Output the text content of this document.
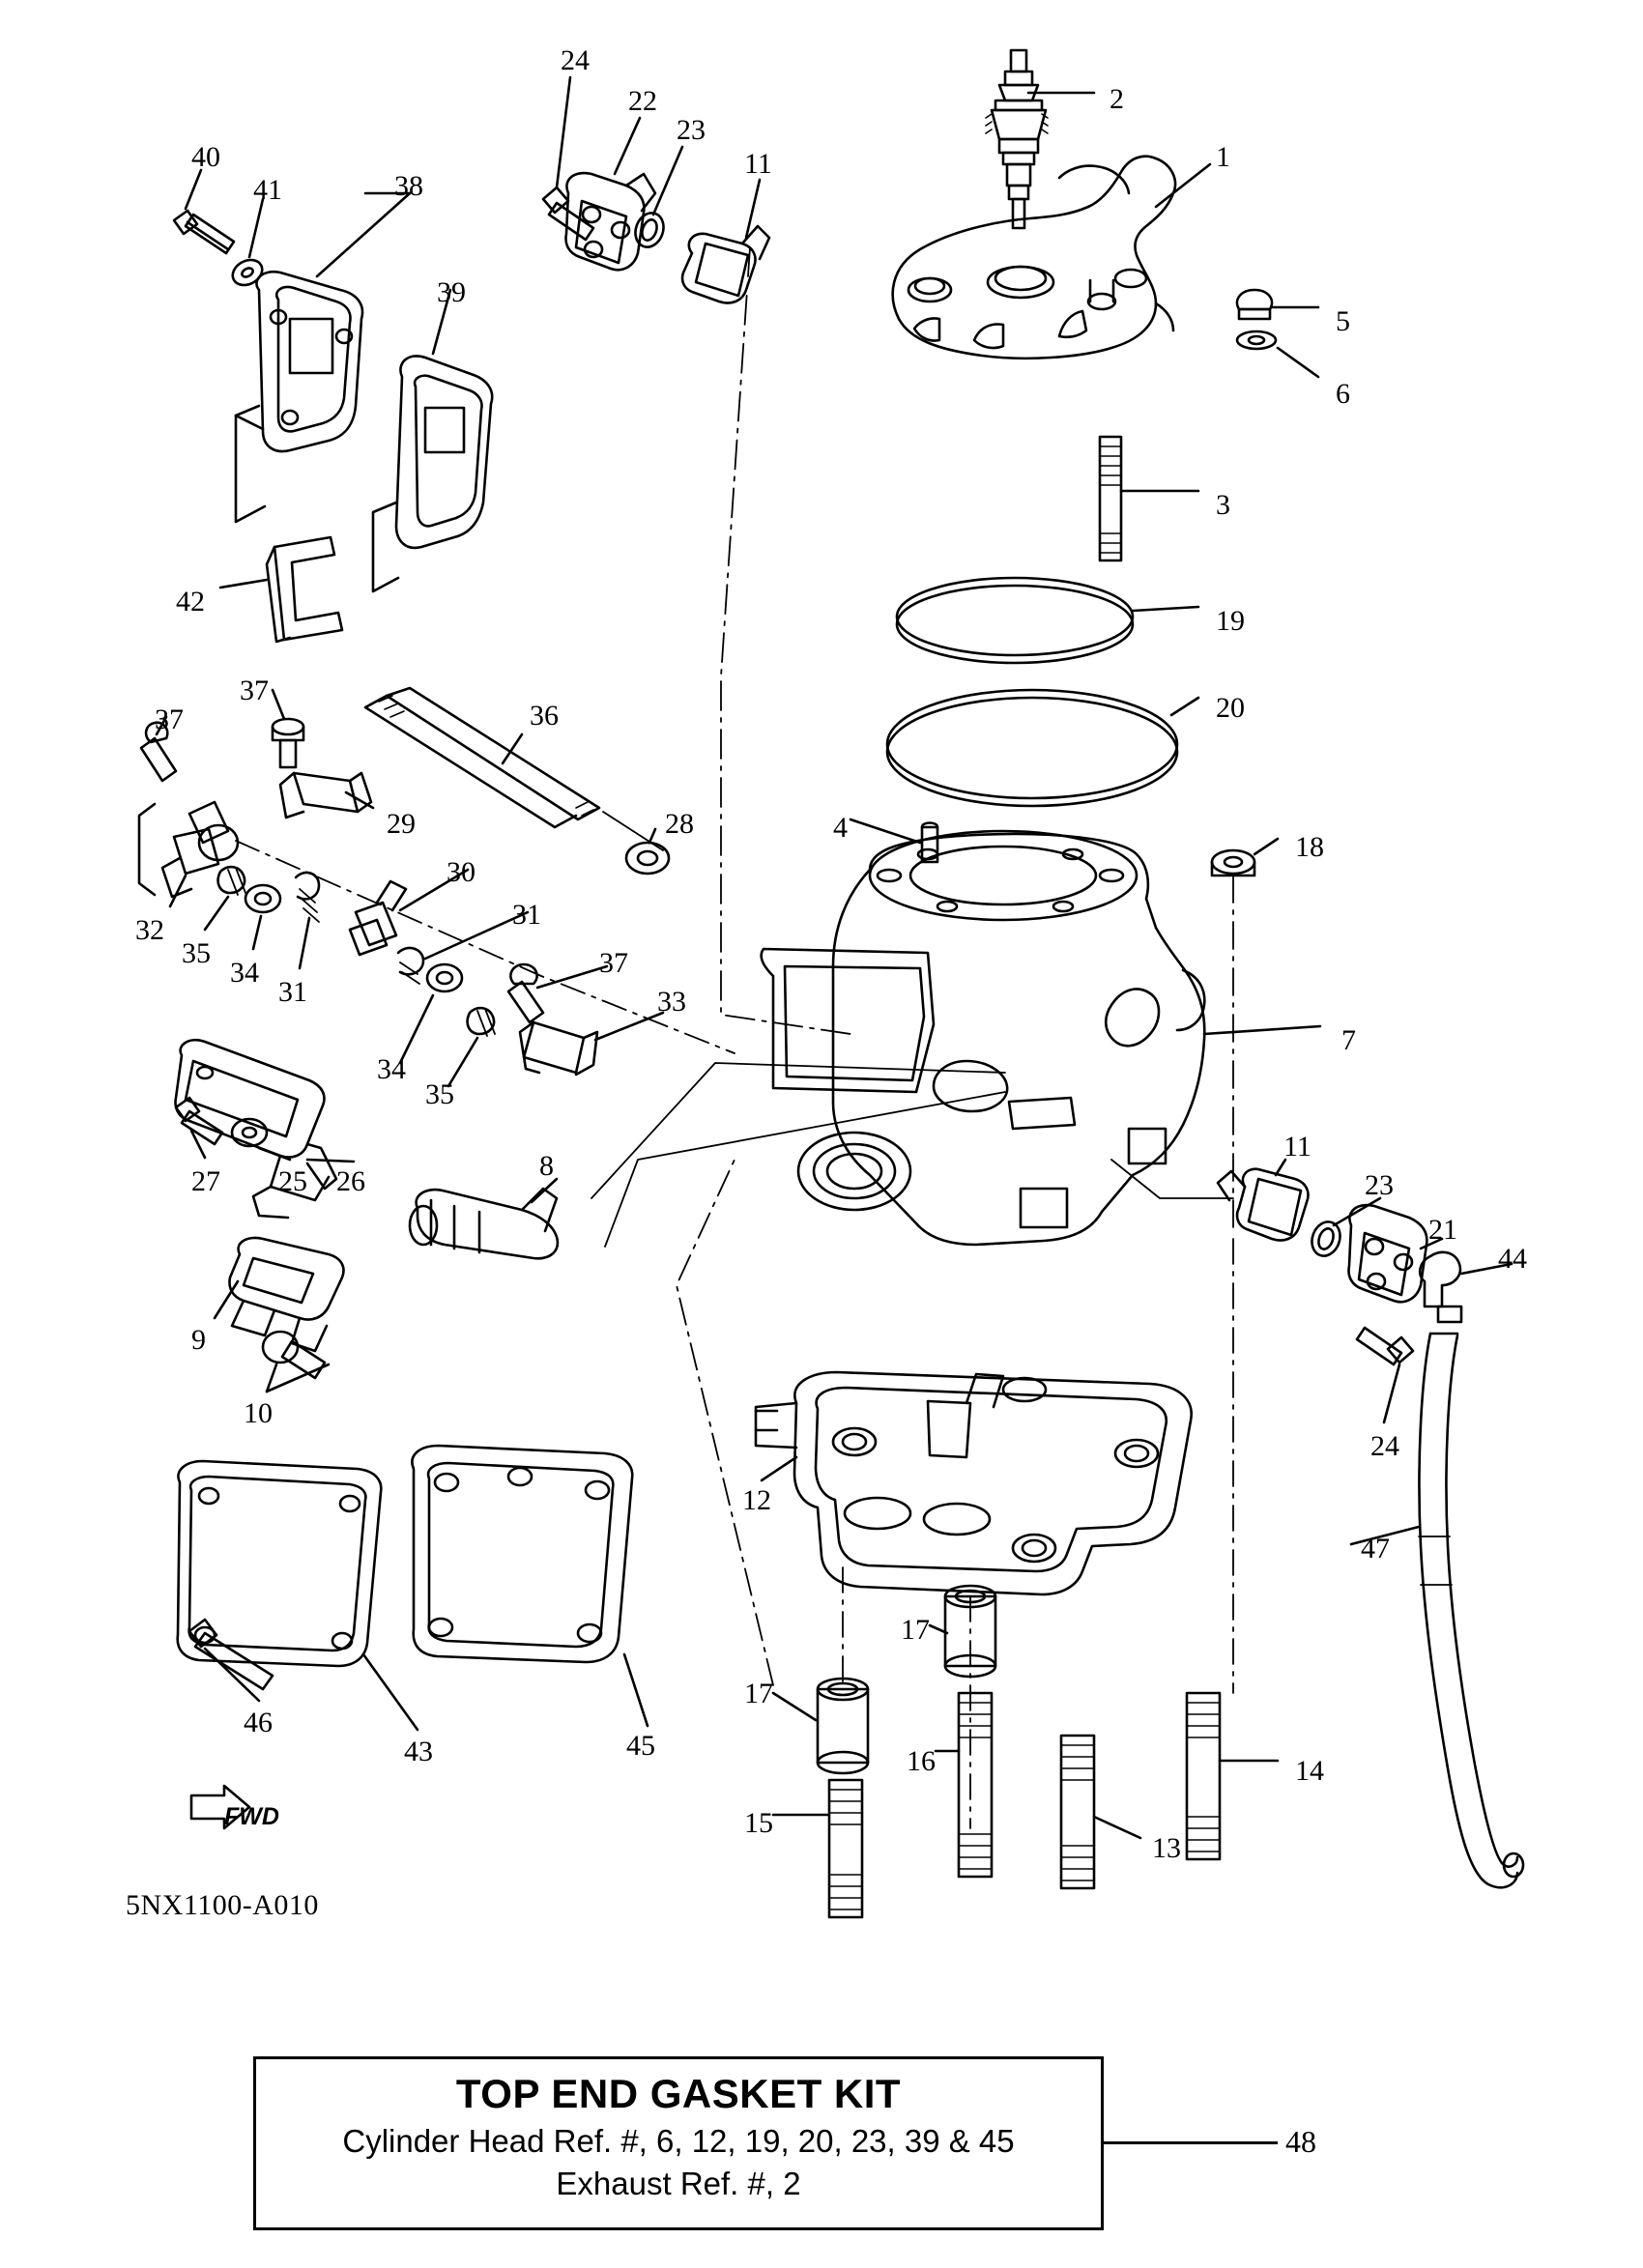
24
22
23
11
2
1
40
41	38
39
5
6
3
19
20
42
37
37	36
28
29	4
18
30
31
32
35
34
31
37
33
34
35
7
27 25 26	8
11
23
21
44
9
10
24
12
47
17
17
16	14
15
13
46
43	45
FWD
5NX1100-A010
TOP END GASKET KIT
Cylinder Head Ref. #, 6, 12, 19, 20, 23, 39 & 45
Exhaust Ref. #, 2
48
